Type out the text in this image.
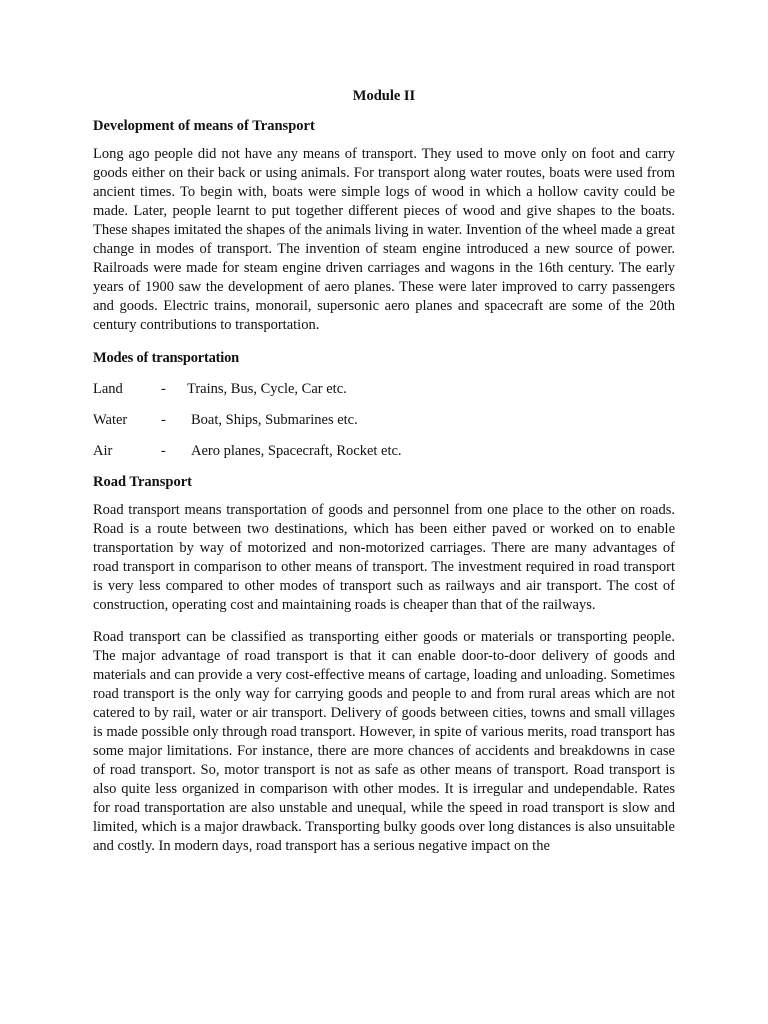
Module II
Development of means of Transport

Long ago people did not have any means of transport. They used to move only on foot and carry goods either on their back or using animals. For transport along water routes, boats were used from ancient times. To begin with, boats were simple logs of wood in which a hollow cavity could be made. Later, people learnt to put together different pieces of wood and give shapes to the boats. These shapes imitated the shapes of the animals living in water. Invention of the wheel made a great change in modes of transport. The invention of steam engine introduced a new source of power. Railroads were made for steam engine driven carriages and wagons in the 16th century. The early years of 1900 saw the development of aero planes. These were later improved to carry passengers and goods. Electric trains, monorail, supersonic aero planes and spacecraft are some of the 20th century contributions to transportation.

Modes of transportation
Land	-	Trains, Bus, Cycle, Car etc.
Water	-	Boat, Ships, Submarines etc.
Air	-	Aero planes, Spacecraft, Rocket etc.
Road Transport

Road transport means transportation of goods and personnel from one place to the other on roads. Road is a route between two destinations, which has been either paved or worked on to enable transportation by way of motorized and non-motorized carriages. There are many advantages of road transport in comparison to other means of transport. The investment required in road transport is very less compared to other modes of transport such as railways and air transport. The cost of construction, operating cost and maintaining roads is cheaper than that of the railways.

Road transport can be classified as transporting either goods or materials or transporting people. The major advantage of road transport is that it can enable door-to-door delivery of goods and materials and can provide a very cost-effective means of cartage, loading and unloading. Sometimes road transport is the only way for carrying goods and people to and from rural areas which are not catered to by rail, water or air transport. Delivery of goods between cities, towns and small villages is made possible only through road transport. However, in spite of various merits, road transport has some major limitations. For instance, there are more chances of accidents and breakdowns in case of road transport. So, motor transport is not as safe as other means of transport. Road transport is also quite less organized in comparison with other modes. It is irregular and undependable. Rates for road transportation are also unstable and unequal, while the speed in road transport is slow and limited, which is a major drawback. Transporting bulky goods over long distances is also unsuitable and costly. In modern days, road transport has a serious negative impact on the
